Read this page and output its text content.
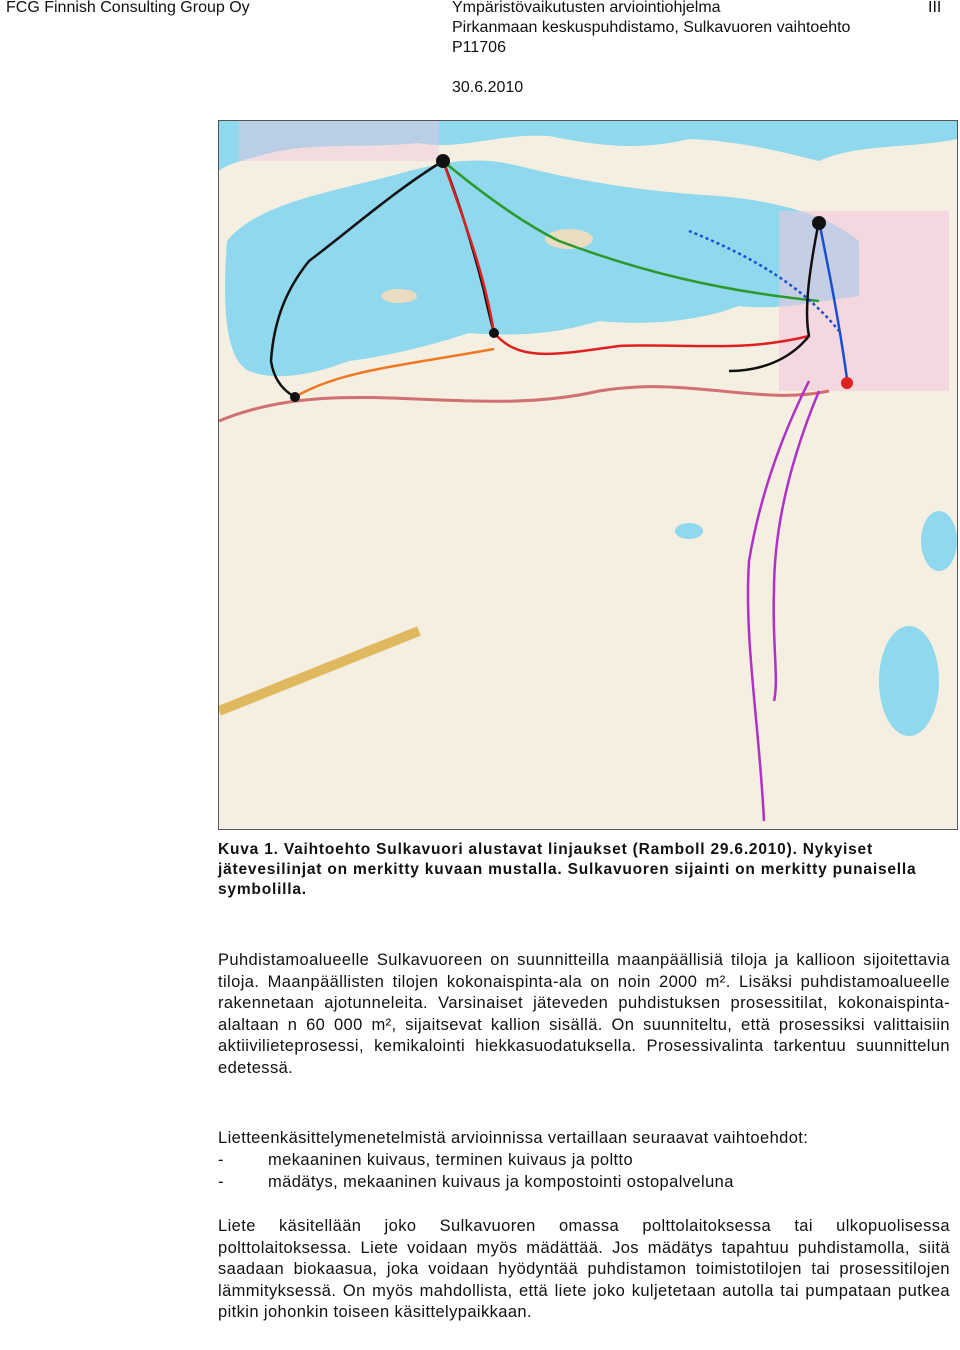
FCG Finnish Consulting Group Oy	Ympäristövaikutusten arviointiohjelma
Pirkanmaan keskuspuhdistamo, Sulkavuoren vaihtoehto
P11706
30.6.2010
III
Kuva 1. Vaihtoehto Sulkavuori alustavat linjaukset (Ramboll 29.6.2010). Nykyiset jätevesilinjat on merkitty kuvaan mustalla. Sulkavuoren sijainti on merkitty punaisella symbolilla.
Puhdistamoalueelle Sulkavuoreen on suunnitteilla maanpäällisiä tiloja ja kallioon sijoitettavia tiloja. Maanpäällisten tilojen kokonaispinta-ala on noin 2000 m². Lisäksi puhdistamoalueelle rakennetaan ajotunneleita. Varsinaiset jäteveden puhdistuksen prosessitilat, kokonaispinta-alaltaan n 60 000 m², sijaitsevat kallion sisällä. On suunniteltu, että prosessiksi valittaisiin aktiivilieteprosessi, kemikalointi hiekkasuodatuksella. Prosessivalinta tarkentuu suunnittelun edetessä.
Lietteenkäsittelymenetelmistä arvioinnissa vertaillaan seuraavat vaihtoehdot:
-	mekaaninen kuivaus, terminen kuivaus ja poltto
-	mädätys, mekaaninen kuivaus ja kompostointi ostopalveluna
Liete käsitellään joko Sulkavuoren omassa polttolaitoksessa tai ulkopuolisessa polttolaitoksessa. Liete voidaan myös mädättää. Jos mädätys tapahtuu puhdistamolla, siitä saadaan biokaasua, joka voidaan hyödyntää puhdistamon toimistotilojen tai prosessitilojen lämmityksessä. On myös mahdollista, että liete joko kuljetetaan autolla tai pumpataan putkea pitkin johonkin toiseen käsittelypaikkaan.
